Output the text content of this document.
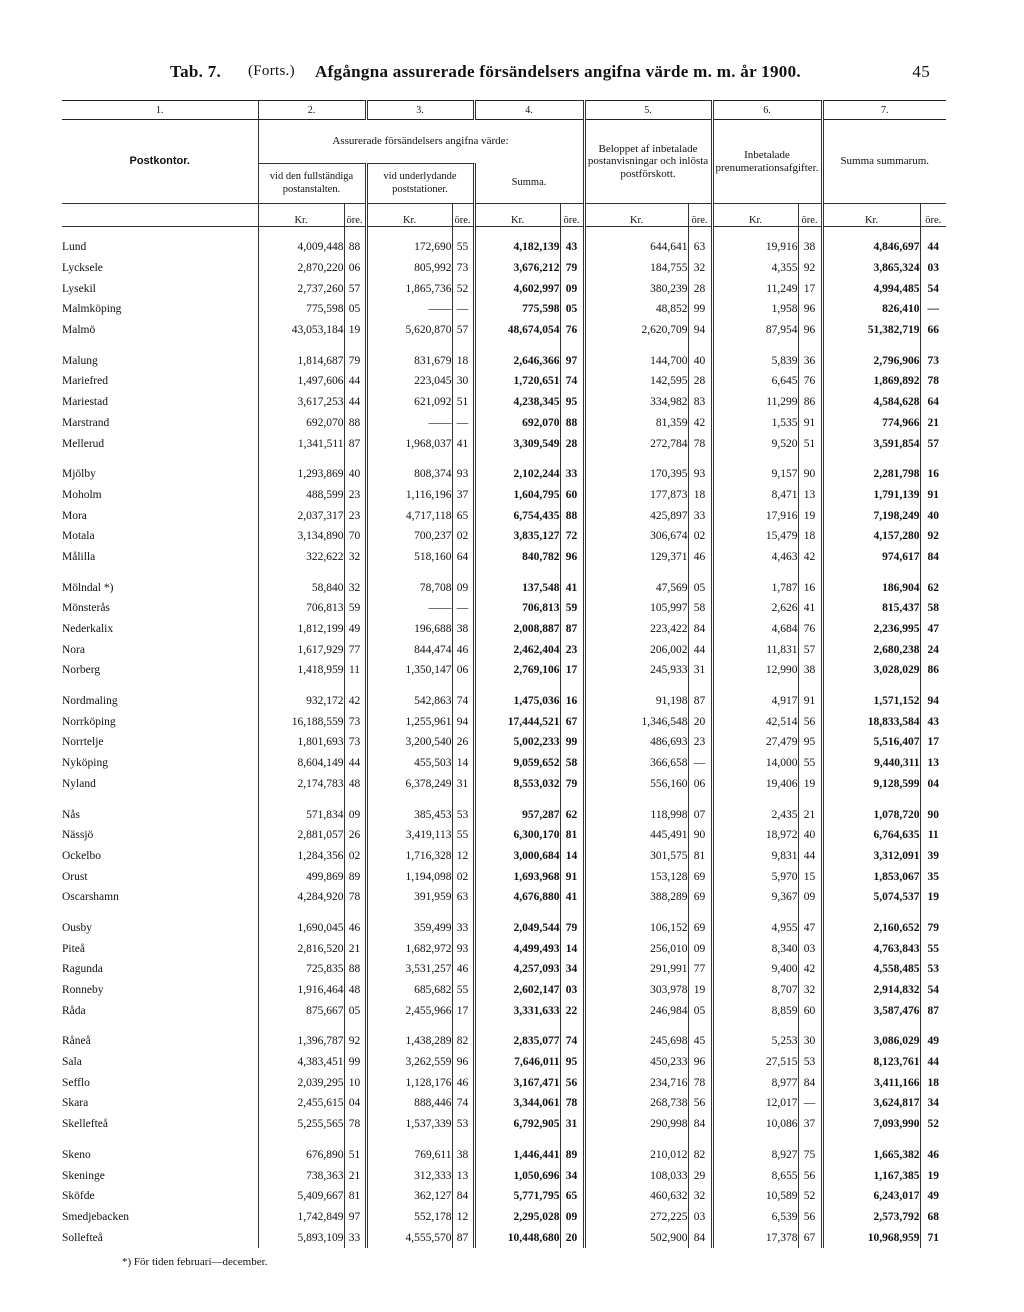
Tab. 7. (Forts.) Afgångna assurerade försändelsers angifna värde m. m. år 1900.	45
1.	2.		3.		4.		5.		6.		7.	
Postkontor.	Assurerade försändelsers angifna värde:						Beloppet af inbetalade postanvisningar och inlösta postförskott.		Inbetalade prenumerationsafgifter.		Summa summarum.	
	vid den fullständiga postanstalten.		vid underlydande poststationer.		Summa.							
	Kr.	öre.	Kr.	öre.	Kr.	öre.	Kr.	öre.	Kr.	öre.	Kr.	öre.

Lund	4,009,448	88	172,690	55	4,182,139	43	644,641	63	19,916	38	4,846,697	44
Lycksele	2,870,220	06	805,992	73	3,676,212	79	184,755	32	4,355	92	3,865,324	03
Lysekil	2,737,260	57	1,865,736	52	4,602,997	09	380,239	28	11,249	17	4,994,485	54
Malmköping	775,598	05	——	—	775,598	05	48,852	99	1,958	96	826,410	—
Malmö	43,053,184	19	5,620,870	57	48,674,054	76	2,620,709	94	87,954	96	51,382,719	66

Malung	1,814,687	79	831,679	18	2,646,366	97	144,700	40	5,839	36	2,796,906	73
Mariefred	1,497,606	44	223,045	30	1,720,651	74	142,595	28	6,645	76	1,869,892	78
Mariestad	3,617,253	44	621,092	51	4,238,345	95	334,982	83	11,299	86	4,584,628	64
Marstrand	692,070	88	——	—	692,070	88	81,359	42	1,535	91	774,966	21
Mellerud	1,341,511	87	1,968,037	41	3,309,549	28	272,784	78	9,520	51	3,591,854	57

Mjölby	1,293,869	40	808,374	93	2,102,244	33	170,395	93	9,157	90	2,281,798	16
Moholm	488,599	23	1,116,196	37	1,604,795	60	177,873	18	8,471	13	1,791,139	91
Mora	2,037,317	23	4,717,118	65	6,754,435	88	425,897	33	17,916	19	7,198,249	40
Motala	3,134,890	70	700,237	02	3,835,127	72	306,674	02	15,479	18	4,157,280	92
Målilla	322,622	32	518,160	64	840,782	96	129,371	46	4,463	42	974,617	84

Mölndal *)	58,840	32	78,708	09	137,548	41	47,569	05	1,787	16	186,904	62
Mönsterås	706,813	59	——	—	706,813	59	105,997	58	2,626	41	815,437	58
Nederkalix	1,812,199	49	196,688	38	2,008,887	87	223,422	84	4,684	76	2,236,995	47
Nora	1,617,929	77	844,474	46	2,462,404	23	206,002	44	11,831	57	2,680,238	24
Norberg	1,418,959	11	1,350,147	06	2,769,106	17	245,933	31	12,990	38	3,028,029	86

Nordmaling	932,172	42	542,863	74	1,475,036	16	91,198	87	4,917	91	1,571,152	94
Norrköping	16,188,559	73	1,255,961	94	17,444,521	67	1,346,548	20	42,514	56	18,833,584	43
Norrtelje	1,801,693	73	3,200,540	26	5,002,233	99	486,693	23	27,479	95	5,516,407	17
Nyköping	8,604,149	44	455,503	14	9,059,652	58	366,658	—	14,000	55	9,440,311	13
Nyland	2,174,783	48	6,378,249	31	8,553,032	79	556,160	06	19,406	19	9,128,599	04

Nås	571,834	09	385,453	53	957,287	62	118,998	07	2,435	21	1,078,720	90
Nässjö	2,881,057	26	3,419,113	55	6,300,170	81	445,491	90	18,972	40	6,764,635	11
Ockelbo	1,284,356	02	1,716,328	12	3,000,684	14	301,575	81	9,831	44	3,312,091	39
Orust	499,869	89	1,194,098	02	1,693,968	91	153,128	69	5,970	15	1,853,067	35
Oscarshamn	4,284,920	78	391,959	63	4,676,880	41	388,289	69	9,367	09	5,074,537	19

Ousby	1,690,045	46	359,499	33	2,049,544	79	106,152	69	4,955	47	2,160,652	79
Piteå	2,816,520	21	1,682,972	93	4,499,493	14	256,010	09	8,340	03	4,763,843	55
Ragunda	725,835	88	3,531,257	46	4,257,093	34	291,991	77	9,400	42	4,558,485	53
Ronneby	1,916,464	48	685,682	55	2,602,147	03	303,978	19	8,707	32	2,914,832	54
Råda	875,667	05	2,455,966	17	3,331,633	22	246,984	05	8,859	60	3,587,476	87

Råneå	1,396,787	92	1,438,289	82	2,835,077	74	245,698	45	5,253	30	3,086,029	49
Sala	4,383,451	99	3,262,559	96	7,646,011	95	450,233	96	27,515	53	8,123,761	44
Sefflo	2,039,295	10	1,128,176	46	3,167,471	56	234,716	78	8,977	84	3,411,166	18
Skara	2,455,615	04	888,446	74	3,344,061	78	268,738	56	12,017	—	3,624,817	34
Skellefteå	5,255,565	78	1,537,339	53	6,792,905	31	290,998	84	10,086	37	7,093,990	52

Skeno	676,890	51	769,611	38	1,446,441	89	210,012	82	8,927	75	1,665,382	46
Skeninge	738,363	21	312,333	13	1,050,696	34	108,033	29	8,655	56	1,167,385	19
Sköfde	5,409,667	81	362,127	84	5,771,795	65	460,632	32	10,589	52	6,243,017	49
Smedjebacken	1,742,849	97	552,178	12	2,295,028	09	272,225	03	6,539	56	2,573,792	68
Sollefteå	5,893,109	33	4,555,570	87	10,448,680	20	502,900	84	17,378	67	10,968,959	71
*) För tiden februari—december.
